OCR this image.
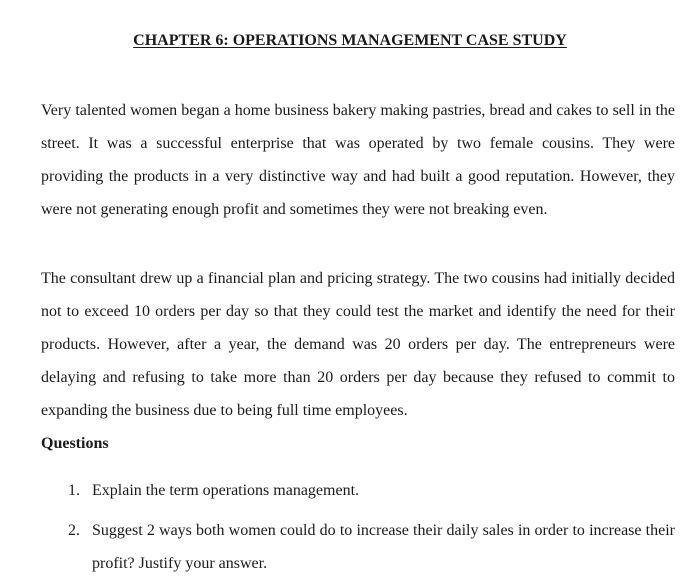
CHAPTER 6: OPERATIONS MANAGEMENT CASE STUDY

Very talented women began a home business bakery making pastries, bread and cakes to sell in the street. It was a successful enterprise that was operated by two female cousins. They were providing the products in a very distinctive way and had built a good reputation. However, they were not generating enough profit and sometimes they were not breaking even.

The consultant drew up a financial plan and pricing strategy. The two cousins had initially decided not to exceed 10 orders per day so that they could test the market and identify the need for their products. However, after a year, the demand was 20 orders per day. The entrepreneurs were delaying and refusing to take more than 20 orders per day because they refused to commit to expanding the business due to being full time employees.

Questions
1. Explain the term operations management.
2. Suggest 2 ways both women could do to increase their daily sales in order to increase their profit? Justify your answer.
